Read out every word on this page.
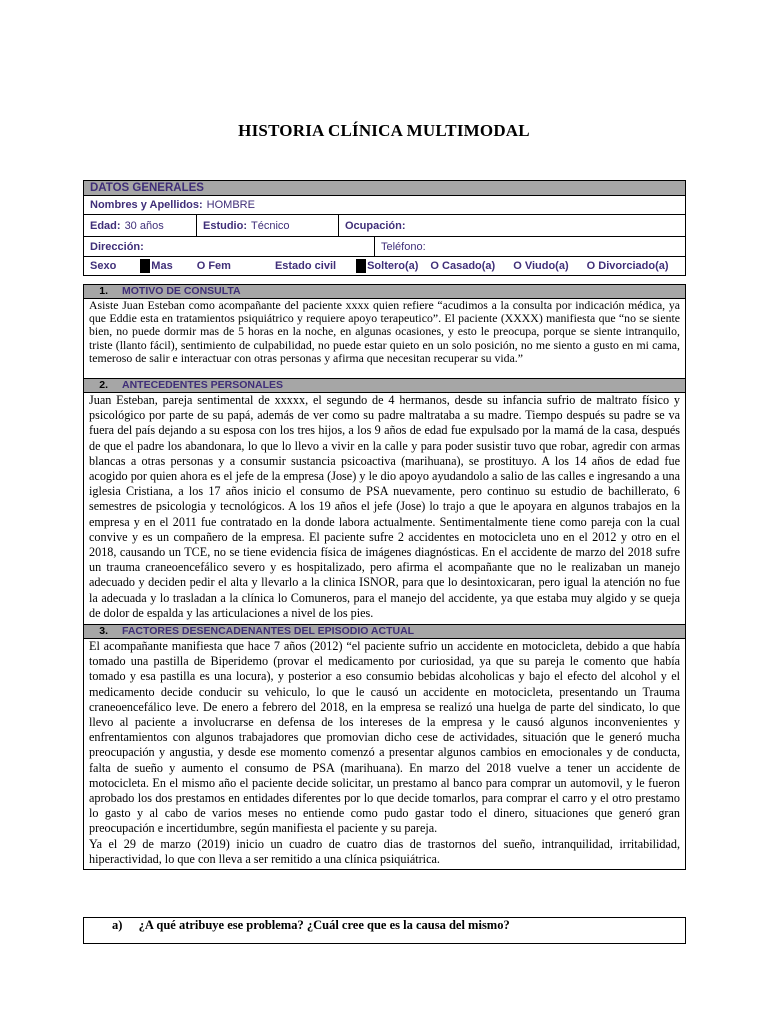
HISTORIA CLÍNICA MULTIMODAL
DATOS GENERALES
Nombres y Apellidos: HOMBRE
Edad: 30 años	Estudio: Técnico	Ocupación:
Dirección:	Teléfono:
Sexo	Mas O Fem	Estado civil	Soltero(a) O Casado(a) O Viudo(a) O Divorciado(a)
1. MOTIVO DE CONSULTA
Asiste Juan Esteban como acompañante del paciente xxxx quien refiere “acudimos a la consulta por indicación médica, ya que Eddie esta en tratamientos psiquiátrico y requiere apoyo terapeutico”. El paciente (XXXX) manifiesta que “no se siente bien, no puede dormir mas de 5 horas en la noche, en algunas ocasiones, y esto le preocupa, porque se siente intranquilo, triste (llanto fácil), sentimiento de culpabilidad, no puede estar quieto en un solo posición, no me siento a gusto en mi cama, temeroso de salir e interactuar con otras personas y afirma que necesitan recuperar su vida.”
2. ANTECEDENTES PERSONALES
Juan Esteban, pareja sentimental de xxxxx, el segundo de 4 hermanos, desde su infancia sufrio de maltrato físico y psicológico por parte de su papá, además de ver como su padre maltrataba a su madre. Tiempo después su padre se va fuera del país dejando a su esposa con los tres hijos, a los 9 años de edad fue expulsado por la mamá de la casa, después de que el padre los abandonara, lo que lo llevo a vivir en la calle y para poder susistir tuvo que robar, agredir con armas blancas a otras personas y a consumir sustancia psicoactiva (marihuana), se prostituyo. A los 14 años de edad fue acogido por quien ahora es el jefe de la empresa (Jose) y le dio apoyo ayudandolo a salio de las calles e ingresando a una iglesia Cristiana, a los 17 años inicio el consumo de PSA nuevamente, pero continuo su estudio de bachillerato, 6 semestres de psicologia y tecnológicos. A los 19 años el jefe (Jose) lo trajo a que le apoyara en algunos trabajos en la empresa y en el 2011 fue contratado en la donde labora actualmente. Sentimentalmente tiene como pareja con la cual convive y es un compañero de la empresa. El paciente sufre 2 accidentes en motocicleta uno en el 2012 y otro en el 2018, causando un TCE, no se tiene evidencia física de imágenes diagnósticas. En el accidente de marzo del 2018 sufre un trauma craneoencefálico severo y es hospitalizado, pero afirma el acompañante que no le realizaban un manejo adecuado y deciden pedir el alta y llevarlo a la clinica ISNOR, para que lo desintoxicaran, pero igual la atención no fue la adecuada y lo trasladan a la clínica lo Comuneros, para el manejo del accidente, ya que estaba muy algido y se queja de dolor de espalda y las articulaciones a nivel de los pies.
3. FACTORES DESENCADENANTES DEL EPISODIO ACTUAL
El acompañante manifiesta que hace 7 años (2012) “el paciente sufrio un accidente en motocicleta, debido a que había tomado una pastilla de Biperidemo (provar el medicamento por curiosidad, ya que su pareja le comento que había tomado y esa pastilla es una locura), y posterior a eso consumio bebidas alcoholicas y bajo el efecto del alcohol y el medicamento decide conducir su vehiculo, lo que le causó un accidente en motocicleta, presentando un Trauma craneoencefálico leve. De enero a febrero del 2018, en la empresa se realizó una huelga de parte del sindicato, lo que llevo al paciente a involucrarse en defensa de los intereses de la empresa y le causó algunos inconvenientes y enfrentamientos con algunos trabajadores que promovian dicho cese de actividades, situación que le generó mucha preocupación y angustia, y desde ese momento comenzó a presentar algunos cambios en emocionales y de conducta, falta de sueño y aumento el consumo de PSA (marihuana). En marzo del 2018 vuelve a tener un accidente de motocicleta. En el mismo año el paciente decide solicitar, un prestamo al banco para comprar un automovil, y le fueron aprobado los dos prestamos en entidades diferentes por lo que decide tomarlos, para comprar el carro y el otro prestamo lo gasto y al cabo de varios meses no entiende como pudo gastar todo el dinero, situaciones que generó gran preocupación e incertidumbre, según manifiesta el paciente y su pareja.
Ya el 29 de marzo (2019) inicio un cuadro de cuatro dias de trastornos del sueño, intranquilidad, irritabilidad, hiperactividad, lo que con lleva a ser remitido a una clínica psiquiátrica.
a) ¿A qué atribuye ese problema? ¿Cuál cree que es la causa del mismo?
